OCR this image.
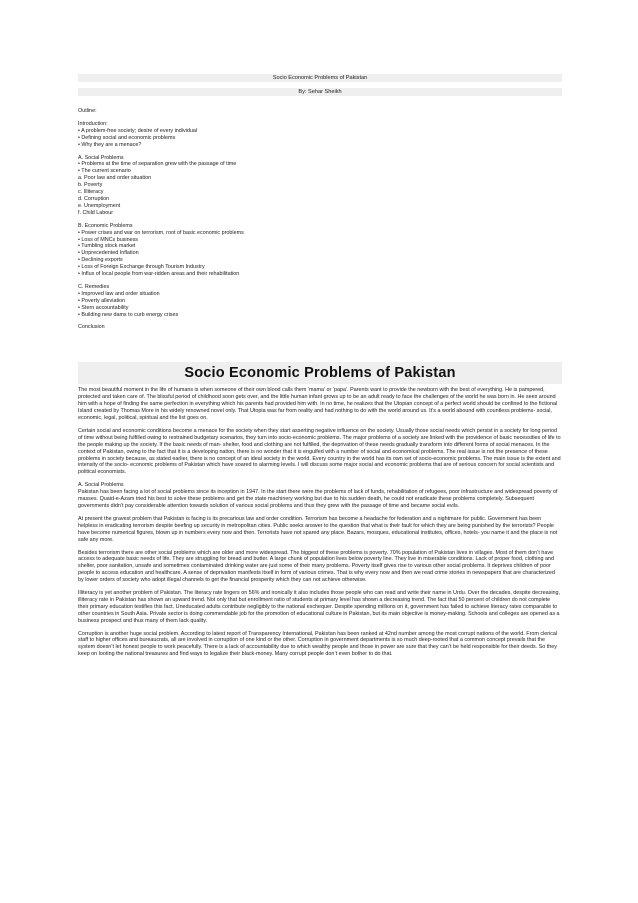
Socio Economic Problems of Pakistan

By: Sehar Sheikh

Outline:

Introduction:

• A problem-free society; desire of every individual

• Defining social and economic problems

• Why they are a menace?

A. Social Problems

• Problems at the time of separation grew with the passage of time

• The current scenario

a. Poor law and order situation

b. Poverty

c. Illiteracy

d. Corruption

e. Unemployment

f. Child Labour

B. Economic Problems

• Power crises and war on terrorism, root of basic economic problems

• Loss of MNCs business

• Tumbling stock market

• Unprecedented Inflation

• Declining exports

• Loss of Foreign Exchange through Tourism Industry

• Influx of local people from war-ridden areas and their rehabilitation

C. Remedies

• Improved law and order situation

• Poverty alleviation

• Stern accountability

• Building new dams to curb energy crises

Conclusion

Socio Economic Problems of Pakistan

The most beautiful moment in the life of humans is when someone of their own blood calls them ‘mama’ or ‘papa’. Parents want to provide the newborn with the best of everything. He is pampered, protected and taken care of. The blissful period of childhood soon gets over, and the little human infant grows up to be an adult ready to face the challenges of the world he was born in. He sees around him with a hope of finding the same perfection in everything which his parents had provided him with. In no time, he realizes that the Utopian concept of a perfect world should be confined to the fictional Island created by Thomas More in his widely renowned novel only. That Utopia was far from reality and had nothing to do with the world around us. It’s a world abound with countless problems- social, economic, legal, political, spiritual and the list goes on.

Certain social and economic conditions become a menace for the society when they start asserting negative influence on the society. Usually those social needs which persist in a society for long period of time without being fulfilled owing to restrained budgetary scenarios, they turn into socio-economic problems. The major problems of a society are linked with the providence of basic necessities of life to the people making up the society. If the basic needs of man- shelter, food and clothing are not fulfilled, the deprivation of these needs gradually transform into different forms of social menaces. In the context of Pakistan, owing to the fact that it is a developing nation, there is no wonder that it is engulfed with a number of social and economical problems. The real issue is not the presence of these problems in society because, as stated earlier, there is no concept of an ideal society in the world. Every country in the world has its own set of socio-economic problems. The main issue is the extent and intensity of the socio- economic problems of Pakistan which have soared to alarming levels. I will discuss some major social and economic problems that are of serious concern for social scientists and political economists.

A. Social Problems
Pakistan has been facing a lot of social problems since its inception in 1947. In the start there were the problems of lack of funds, rehabilitation of refugees, poor infrastructure and widespread poverty of masses. Quaid-e-Azam tried his best to solve these problems and get the state machinery working but due to his sudden death, he could not eradicate these problems completely. Subsequent governments didn’t pay considerable attention towards solution of various social problems and thus they grew with the passage of time and became social evils.

At present the gravest problem that Pakistan is facing is its precarious law and order condition. Terrorism has become a headache for federation and a nightmare for public. Government has been helpless in eradicating terrorism despite beefing up security in metropolitan cities. Public seeks answer to the question that what is their fault for which they are being punished by the terrorists? People have become numerical figures, blown up in numbers every now and then. Terrorists have not spared any place. Bazars, mosques, educational institutes, offices, hotels- you name it and the place is not safe any more.

Besides terrorism there are other social problems which are older and more widespread. The biggest of these problems is poverty. 70% population of Pakistan lives in villages. Most of them don’t have access to adequate basic needs of life. They are struggling for bread and butter. A large chunk of population lives below poverty line. They live in miserable conditions. Lack of proper food, clothing and shelter, poor sanitation, unsafe and sometimes contaminated drinking water are just some of their many problems. Poverty itself gives rise to various other social problems. It deprives children of poor people to access education and healthcare. A sense of deprivation manifests itself in form of various crimes. That is why every now and then we read crime stories in newspapers that are characterized by lower orders of society who adopt illegal channels to get the financial prosperity which they can not achieve otherwise.

Illiteracy is yet another problem of Pakistan. The literacy rate lingers on 56% and ironically it also includes those people who can read and write their name in Urdu. Over the decades, despite decreasing, illiteracy rate in Pakistan has shown an upward trend. Not only that but enrollment ratio of students at primary level has shown a decreasing trend. The fact that 50 percent of children do not complete their primary education testifies this fact. Uneducated adults contribute negligibly to the national exchequer. Despite spending millions on it, government has failed to achieve literacy rates comparable to other countries in South Asia. Private sector is doing commendable job for the promotion of educational culture in Pakistan, but its main objective is money-making. Schools and colleges are opened as a business prospect and thus many of them lack quality.

Corruption is another huge social problem. According to latest report of Transparency International, Pakistan has been ranked at 42nd number among the most corrupt nations of the world. From clerical staff to higher offices and bureaucrats, all are involved in corruption of one kind or the other. Corruption in government departments is so much deep-rooted that a common concept prevails that the system doesn’t let honest people to work peacefully. There is a lack of accountability due to which wealthy people and those in power are sure that they can’t be held responsible for their deeds. So they keep on looting the national treasures and find ways to legalize their black-money. Many corrupt people don’t even bother to do that.
